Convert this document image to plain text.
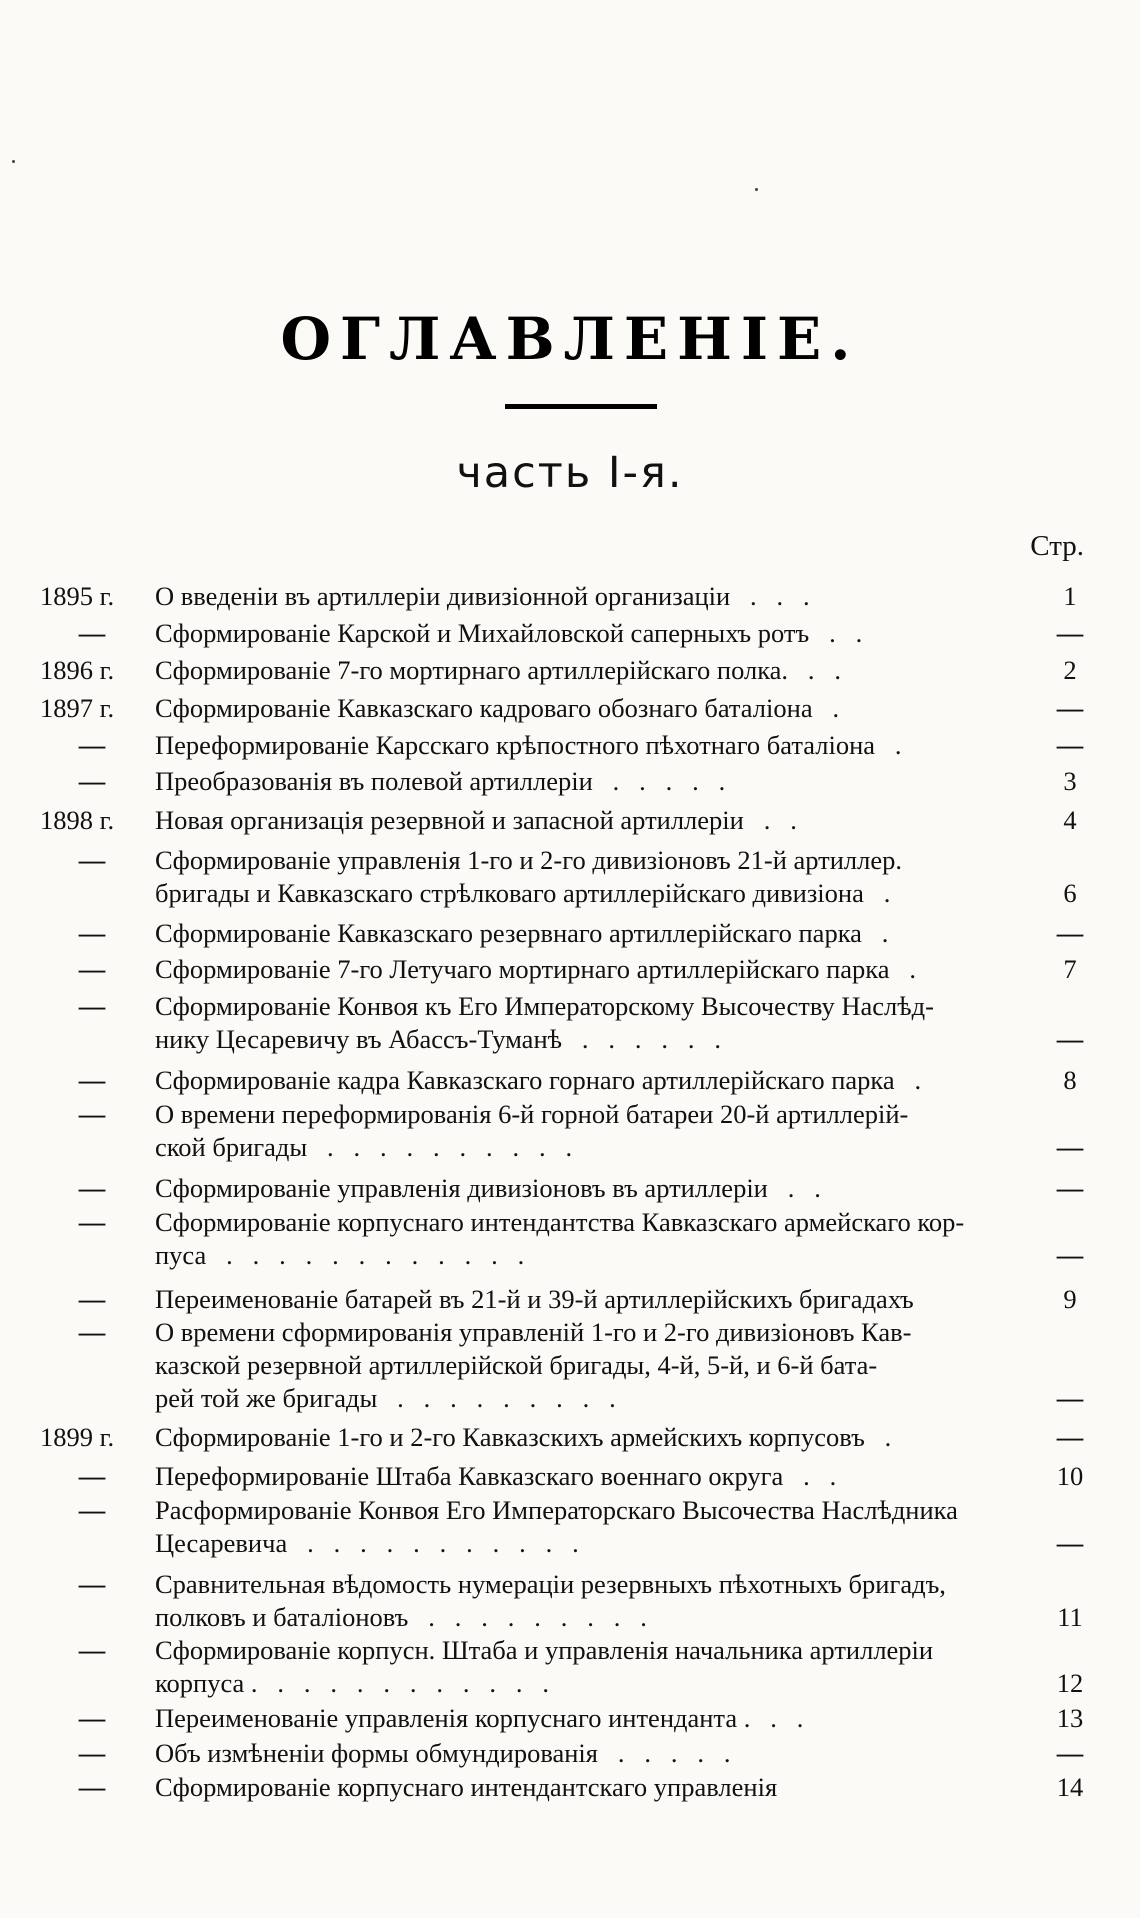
ОГЛАВЛЕНІЕ.
часть I-я.
Стр.
1895 г.	О введеніи въ артиллеріи дивизіонной организаціи   .   .   .	1
— Сформированіе Карской и Михайловской саперныхъ ротъ   .   .	—
1896 г.	Сформированіе 7-го мортирнаго артиллерійскаго полка.   .   .	2
1897 г.	Сформированіе Кавказскаго кадроваго обознаго баталіона   .	—
— Переформированіе Карсскаго крѣпостного пѣхотнаго баталіона   .	—
— Преобразованія въ полевой артиллеріи   .   .   .   .   .	3
1898 г.	Новая организація резервной и запасной артиллеріи   .   .	4
— Сформированіе управленія 1-го и 2-го дивизіоновъ 21-й артиллер.
бригады и Кавказскаго стрѣлковаго артиллерійскаго дивизіона   .	6
— Сформированіе Кавказскаго резервнаго артиллерійскаго парка   .	—
— Сформированіе 7-го Летучаго мортирнаго артиллерійскаго парка   .	7
— Сформированіе Конвоя къ Его Императорскому Высочеству Наслѣд-
нику Цесаревичу въ Абассъ-Туманѣ   .   .   .   .   .   .	—
— Сформированіе кадра Кавказскаго горнаго артиллерійскаго парка   .	8
— О времени переформированія 6-й горной батареи 20-й артиллерій-
ской бригады   .   .   .   .   .   .   .   .   .   .	—
— Сформированіе управленія дивизіоновъ въ артиллеріи   .   .	—
— Сформированіе корпуснаго интендантства Кавказскаго армейскаго кор-
пуса   .   .   .   .   .   .   .   .   .   .   .   .	—
— Переименованіе батарей въ 21-й и 39-й артиллерійскихъ бригадахъ	9
— О времени сформированія управленій 1-го и 2-го дивизіоновъ Кав-
казской резервной артиллерійской бригады, 4-й, 5-й, и 6-й бата-
рей той же бригады   .   .   .   .   .   .   .   .   .	—
1899 г.	Сформированіе 1-го и 2-го Кавказскихъ армейскихъ корпусовъ   .	—
— Переформированіе Штаба Кавказскаго военнаго округа   .   .	10
— Расформированіе Конвоя Его Императорскаго Высочества Наслѣдника
Цесаревича   .   .   .   .   .   .   .   .   .   .   .	—
— Сравнительная вѣдомость нумераціи резервныхъ пѣхотныхъ бригадъ,
полковъ и баталіоновъ   .   .   .   .   .   .   .   .   .	11
— Сформированіе корпусн. Штаба и управленія начальника артиллеріи
корпуса .   .   .   .   .   .   .   .   .   .   .   .	12
— Переименованіе управленія корпуснаго интенданта .   .   .	13
— Объ измѣненіи формы обмундированія   .   .   .   .   .	—
— Сформированіе корпуснаго интендантскаго управленія	14
